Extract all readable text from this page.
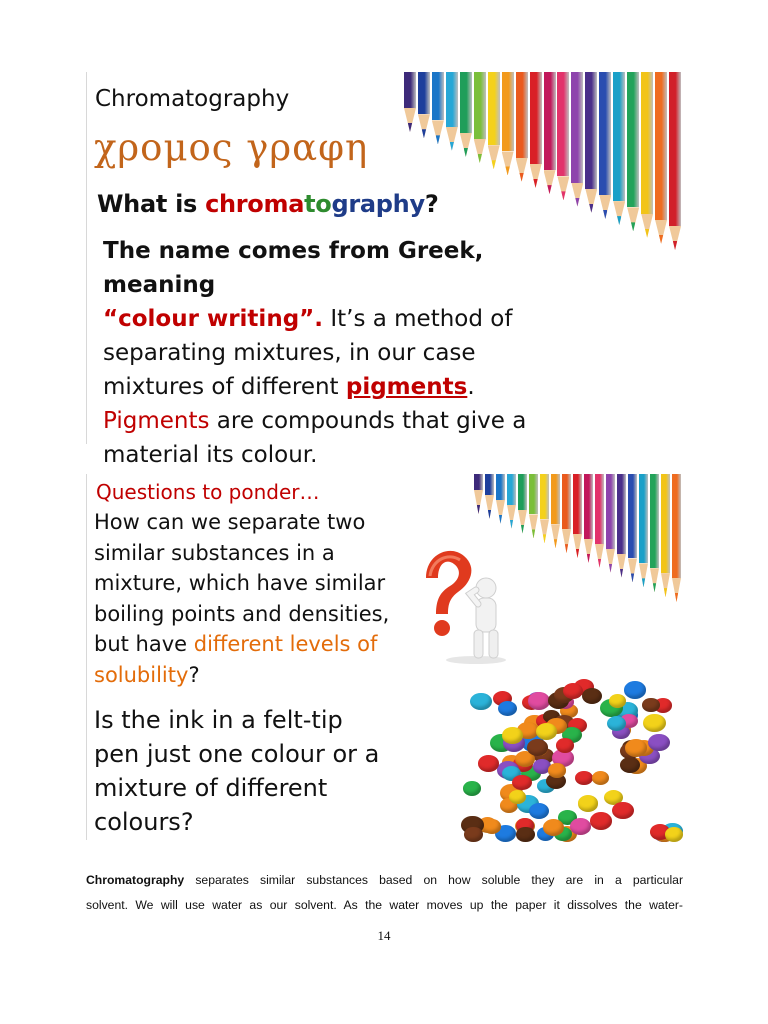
Chromatography
χρομος γραφη
What is chromatography?
The name comes from Greek, meaning
“colour writing”. It’s a method of
separating mixtures, in our case
mixtures of different pigments.
Pigments are compounds that give a
material its colour.
Questions to ponder…
How can we separate two
similar substances in a
mixture, which have similar
boiling points and densities,
but have different levels of
solubility?
Is the ink in a felt-tip
pen just one colour or a
mixture of different
colours?
Chromatography separates similar substances based on how soluble they are in a particular
solvent. We will use water as our solvent. As the water moves up the paper it dissolves the water-
14
